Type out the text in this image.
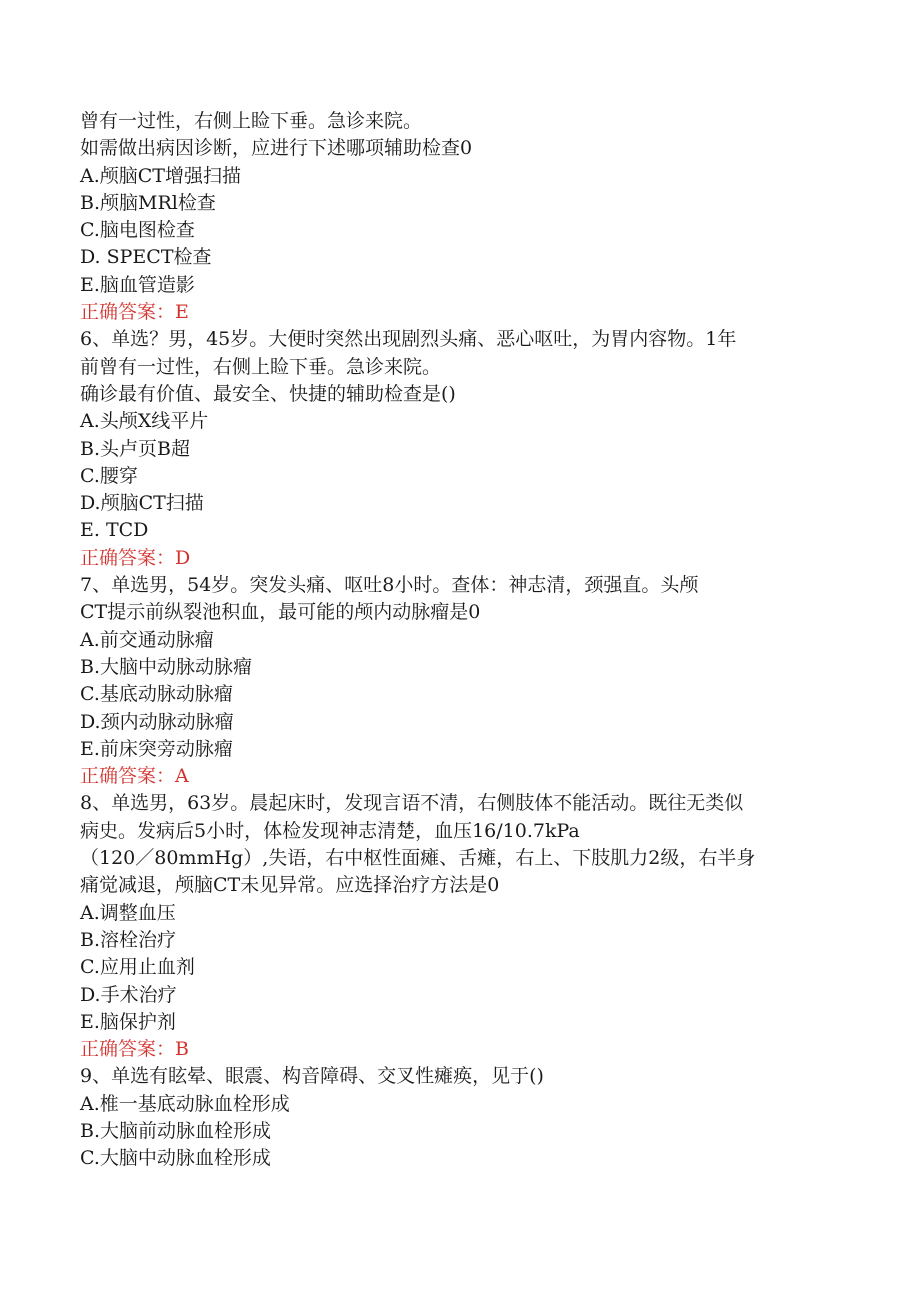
曾有一过性，右侧上睑下垂。急诊来院。
如需做出病因诊断，应进行下述哪项辅助检查0
A.颅脑CT增强扫描
B.颅脑MRl检查
C.脑电图检查
D. SPECT检查
E.脑血管造影
正确答案：E
6、单选？男，45岁。大便时突然出现剧烈头痛、恶心呕吐，为胃内容物。1年
前曾有一过性，右侧上睑下垂。急诊来院。
确诊最有价值、最安全、快捷的辅助检查是()
A.头颅X线平片
B.头卢页B超
C.腰穿
D.颅脑CT扫描
E. TCD
正确答案：D
7、单选男，54岁。突发头痛、呕吐8小时。查体：神志清，颈强直。头颅
CT提示前纵裂池积血，最可能的颅内动脉瘤是0
A.前交通动脉瘤
B.大脑中动脉动脉瘤
C.基底动脉动脉瘤
D.颈内动脉动脉瘤
E.前床突旁动脉瘤
正确答案：A
8、单选男，63岁。晨起床时，发现言语不清，右侧肢体不能活动。既往无类似
病史。发病后5小时，体检发现神志清楚，血压16/10.7kPa
（120／80mmHg）,失语，右中枢性面瘫、舌瘫，右上、下肢肌力2级，右半身
痛觉减退，颅脑CT未见异常。应选择治疗方法是0
A.调整血压
B.溶栓治疗
C.应用止血剂
D.手术治疗
E.脑保护剂
正确答案：B
9、单选有眩晕、眼震、构音障碍、交叉性瘫痪，见于()
A.椎一基底动脉血栓形成
B.大脑前动脉血栓形成
C.大脑中动脉血栓形成
